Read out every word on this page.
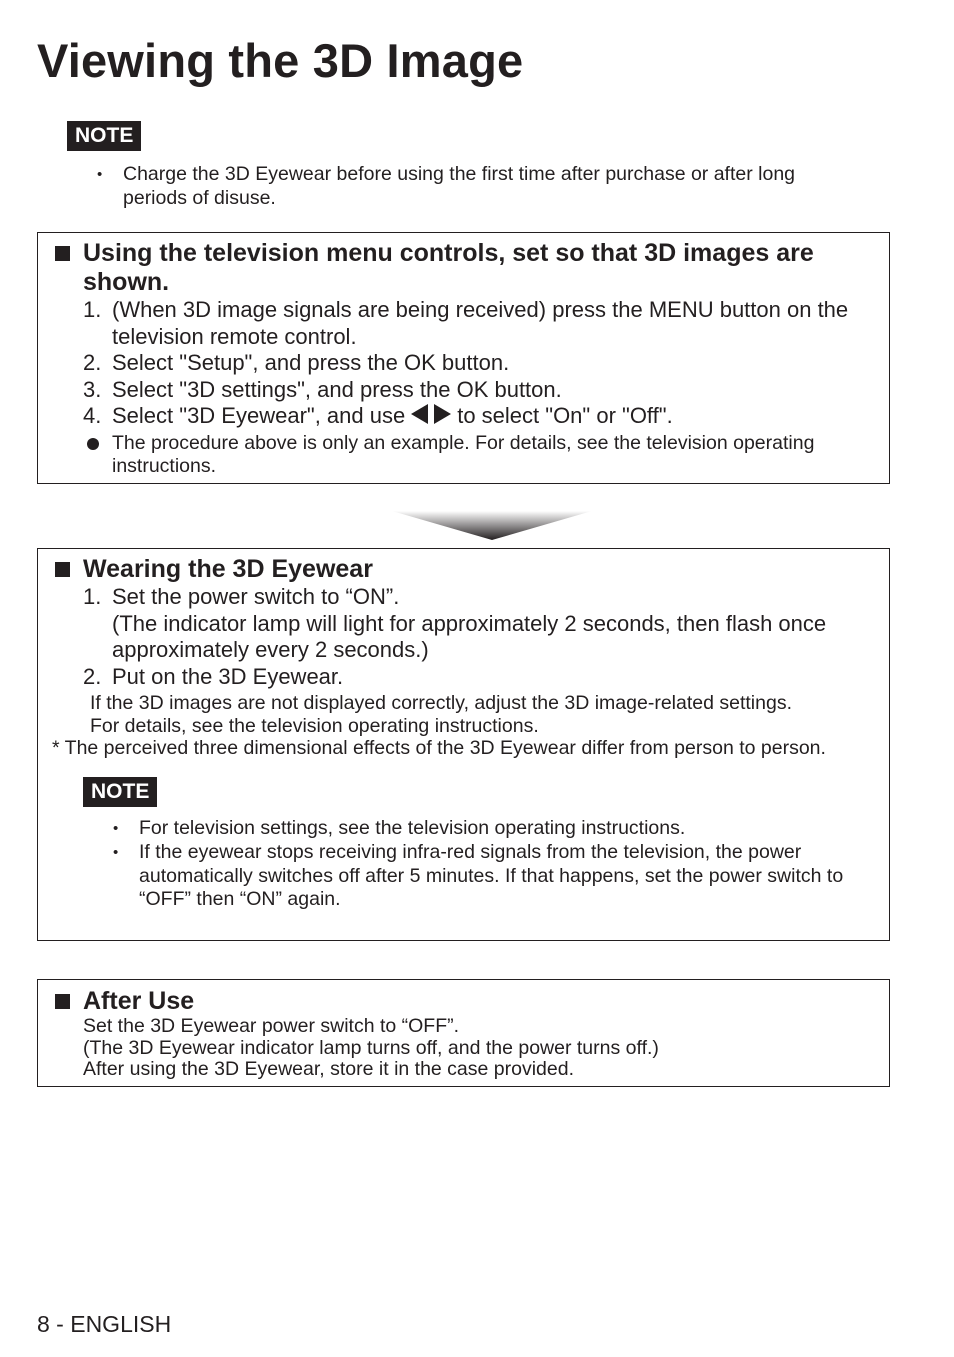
Viewing the 3D Image
NOTE
• Charge the 3D Eyewear before using the first time after purchase or after long periods of disuse.
Using the television menu controls, set so that 3D images are shown.
1. (When 3D image signals are being received) press the MENU button on the television remote control.
2. Select "Setup", and press the OK button.
3. Select "3D settings", and press the OK button.
4. Select "3D Eyewear", and use to select "On" or "Off".
The procedure above is only an example. For details, see the television operating instructions.
Wearing the 3D Eyewear
1. Set the power switch to “ON”.
(The indicator lamp will light for approximately 2 seconds, then flash once approximately every 2 seconds.)
2. Put on the 3D Eyewear.
If the 3D images are not displayed correctly, adjust the 3D image-related settings.
For details, see the television operating instructions.
* The perceived three dimensional effects of the 3D Eyewear differ from person to person.
NOTE
• For television settings, see the television operating instructions.
• If the eyewear stops receiving infra-red signals from the television, the power automatically switches off after 5 minutes. If that happens, set the power switch to “OFF” then “ON” again.
After Use
Set the 3D Eyewear power switch to “OFF”.
(The 3D Eyewear indicator lamp turns off, and the power turns off.)
After using the 3D Eyewear, store it in the case provided.
8 - ENGLISH
